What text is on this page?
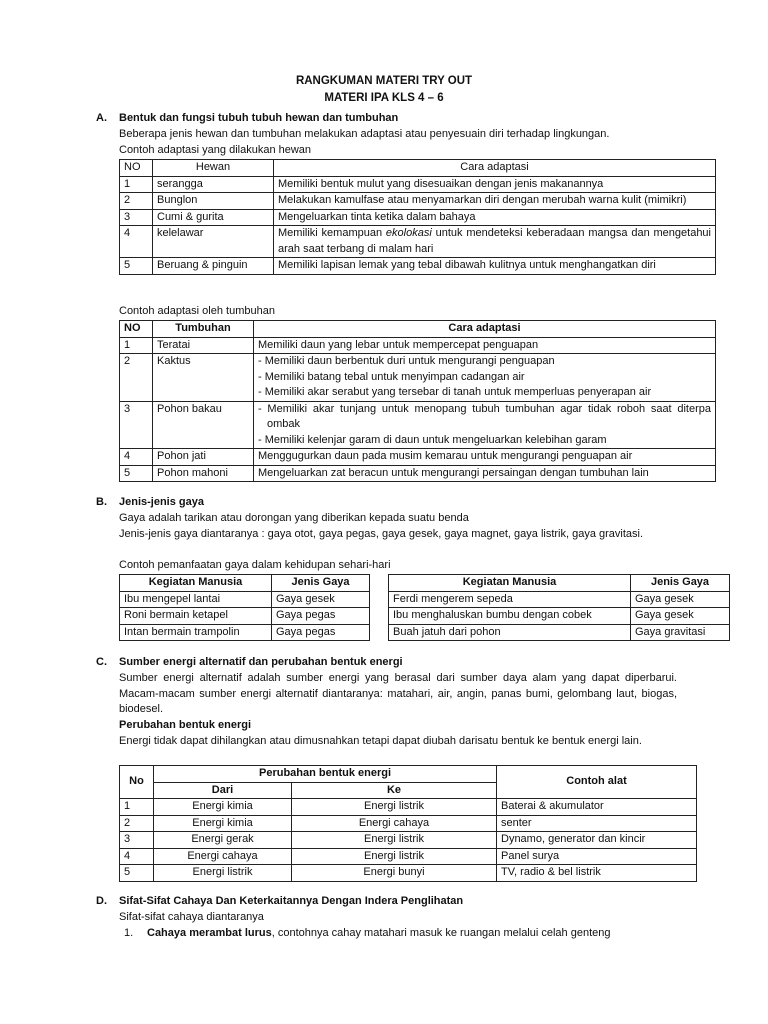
RANGKUMAN MATERI TRY OUT
MATERI IPA KLS 4 – 6
A. Bentuk dan fungsi tubuh tubuh hewan dan tumbuhan
Beberapa jenis hewan dan tumbuhan melakukan adaptasi atau penyesuain diri terhadap lingkungan.
Contoh adaptasi yang dilakukan hewan
NO	Hewan	Cara adaptasi
1	serangga	Memiliki bentuk mulut yang disesuaikan dengan jenis makanannya
2	Bunglon	Melakukan kamulfase atau menyamarkan diri dengan merubah warna kulit (mimikri)
3	Cumi & gurita	Mengeluarkan tinta ketika dalam bahaya
4	kelelawar	Memiliki kemampuan ekolokasi untuk mendeteksi keberadaan mangsa dan mengetahui arah saat terbang di malam hari
5	Beruang & pinguin	Memiliki lapisan lemak yang tebal dibawah kulitnya untuk menghangatkan diri
Contoh adaptasi oleh tumbuhan
NO	Tumbuhan	Cara adaptasi
1	Teratai	Memiliki daun yang lebar untuk mempercepat penguapan
2	Kaktus	- Memiliki daun berbentuk duri untuk mengurangi penguapan
- Memiliki batang tebal untuk menyimpan cadangan air
- Memiliki akar serabut yang tersebar di tanah untuk memperluas penyerapan air

3	Pohon bakau	- Memiliki akar tunjang untuk menopang tubuh tumbuhan agar tidak roboh saat diterpa ombak
- Memiliki kelenjar garam di daun untuk mengeluarkan kelebihan garam

4	Pohon jati	Menggugurkan daun pada musim kemarau untuk mengurangi penguapan air
5	Pohon mahoni	Mengeluarkan zat beracun untuk mengurangi persaingan dengan tumbuhan lain
B. Jenis-jenis gaya
Gaya adalah tarikan atau dorongan yang diberikan kepada suatu benda
Jenis-jenis gaya diantaranya : gaya otot, gaya pegas, gaya gesek, gaya magnet, gaya listrik, gaya gravitasi.
Contoh pemanfaatan gaya dalam kehidupan sehari-hari
Kegiatan Manusia	Jenis Gaya
Ibu mengepel lantai	Gaya gesek
Roni bermain ketapel	Gaya pegas
Intan bermain trampolin	Gaya pegas
Kegiatan Manusia	Jenis Gaya
Ferdi mengerem sepeda	Gaya gesek
Ibu menghaluskan bumbu dengan cobek	Gaya gesek
Buah jatuh dari pohon	Gaya gravitasi
C. Sumber energi alternatif dan perubahan bentuk energi
Sumber energi alternatif adalah sumber energi yang berasal dari sumber daya alam yang dapat diperbarui. Macam-macam sumber energi alternatif diantaranya: matahari, air, angin, panas bumi, gelombang laut, biogas, biodesel.
Perubahan bentuk energi
Energi tidak dapat dihilangkan atau dimusnahkan tetapi dapat diubah darisatu bentuk ke bentuk energi lain.
No	Perubahan bentuk energi		Contoh alat
	Dari	Ke	
1	Energi kimia	Energi listrik	Baterai & akumulator
2	Energi kimia	Energi cahaya	senter
3	Energi gerak	Energi listrik	Dynamo, generator dan kincir
4	Energi cahaya	Energi listrik	Panel surya
5	Energi listrik	Energi bunyi	TV, radio & bel listrik
D. Sifat-Sifat Cahaya Dan Keterkaitannya Dengan Indera Penglihatan
Sifat-sifat cahaya diantaranya
1. Cahaya merambat lurus, contohnya cahay matahari masuk ke ruangan melalui celah genteng
